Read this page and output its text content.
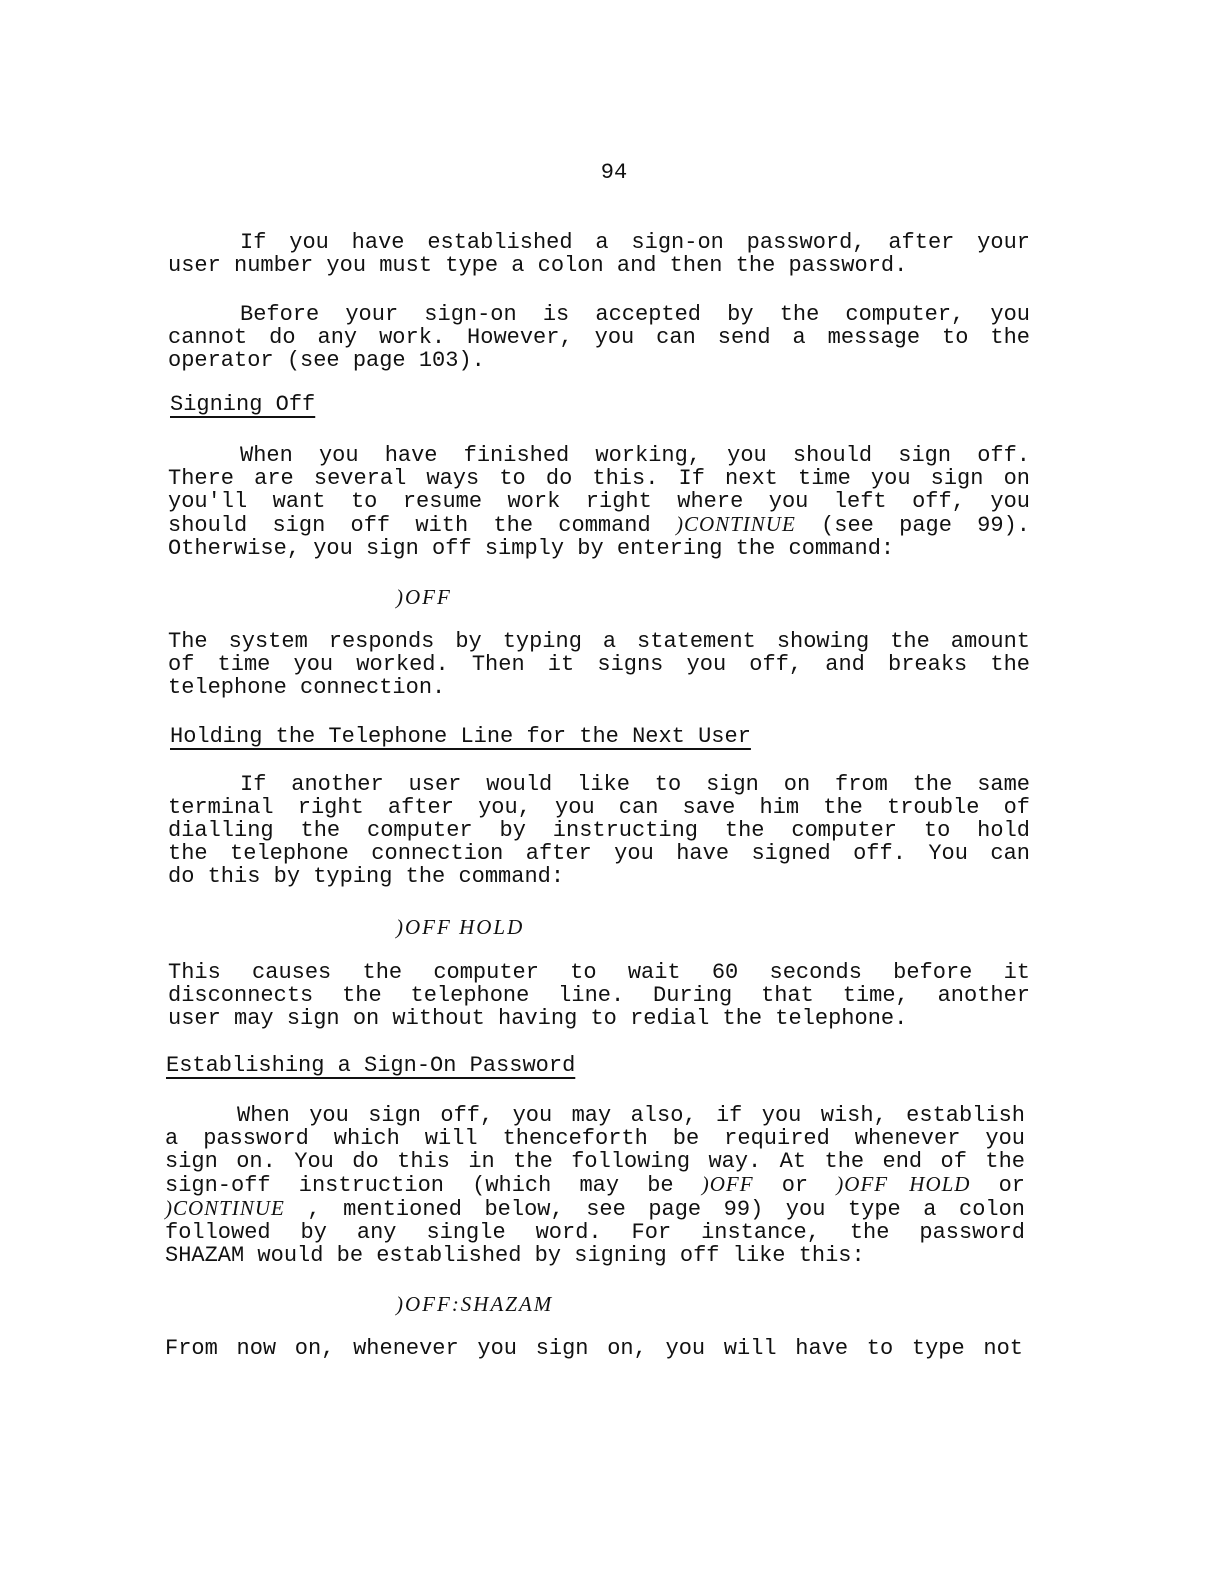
94

If you have established a sign-on password, after your
user number you must type a colon and then the password.

Before your sign-on is accepted by the computer, you
cannot do any work. However, you can send a message to the
operator (see page 103).

Signing Off

When you have finished working, you should sign off.
There are several ways to do this. If next time you sign on
you'll want to resume work right where you left off, you
should sign off with the command )CONTINUE (see page 99).
Otherwise, you sign off simply by entering the command:

)OFF

The system responds by typing a statement showing the amount
of time you worked. Then it signs you off, and breaks the
telephone connection.

Holding the Telephone Line for the Next User

If another user would like to sign on from the same
terminal right after you, you can save him the trouble of
dialling the computer by instructing the computer to hold
the telephone connection after you have signed off. You can
do this by typing the command:

)OFF HOLD

This causes the computer to wait 60 seconds before it
disconnects the telephone line. During that time, another
user may sign on without having to redial the telephone.

Establishing a Sign-On Password

When you sign off, you may also, if you wish, establish
a password which will thenceforth be required whenever you
sign on. You do this in the following way. At the end of the
sign-off instruction (which may be )OFF or )OFF HOLD or
)CONTINUE , mentioned below, see page 99) you type a colon
followed by any single word. For instance, the password
SHAZAM would be established by signing off like this:

)OFF:SHAZAM

From now on, whenever you sign on, you will have to type not
